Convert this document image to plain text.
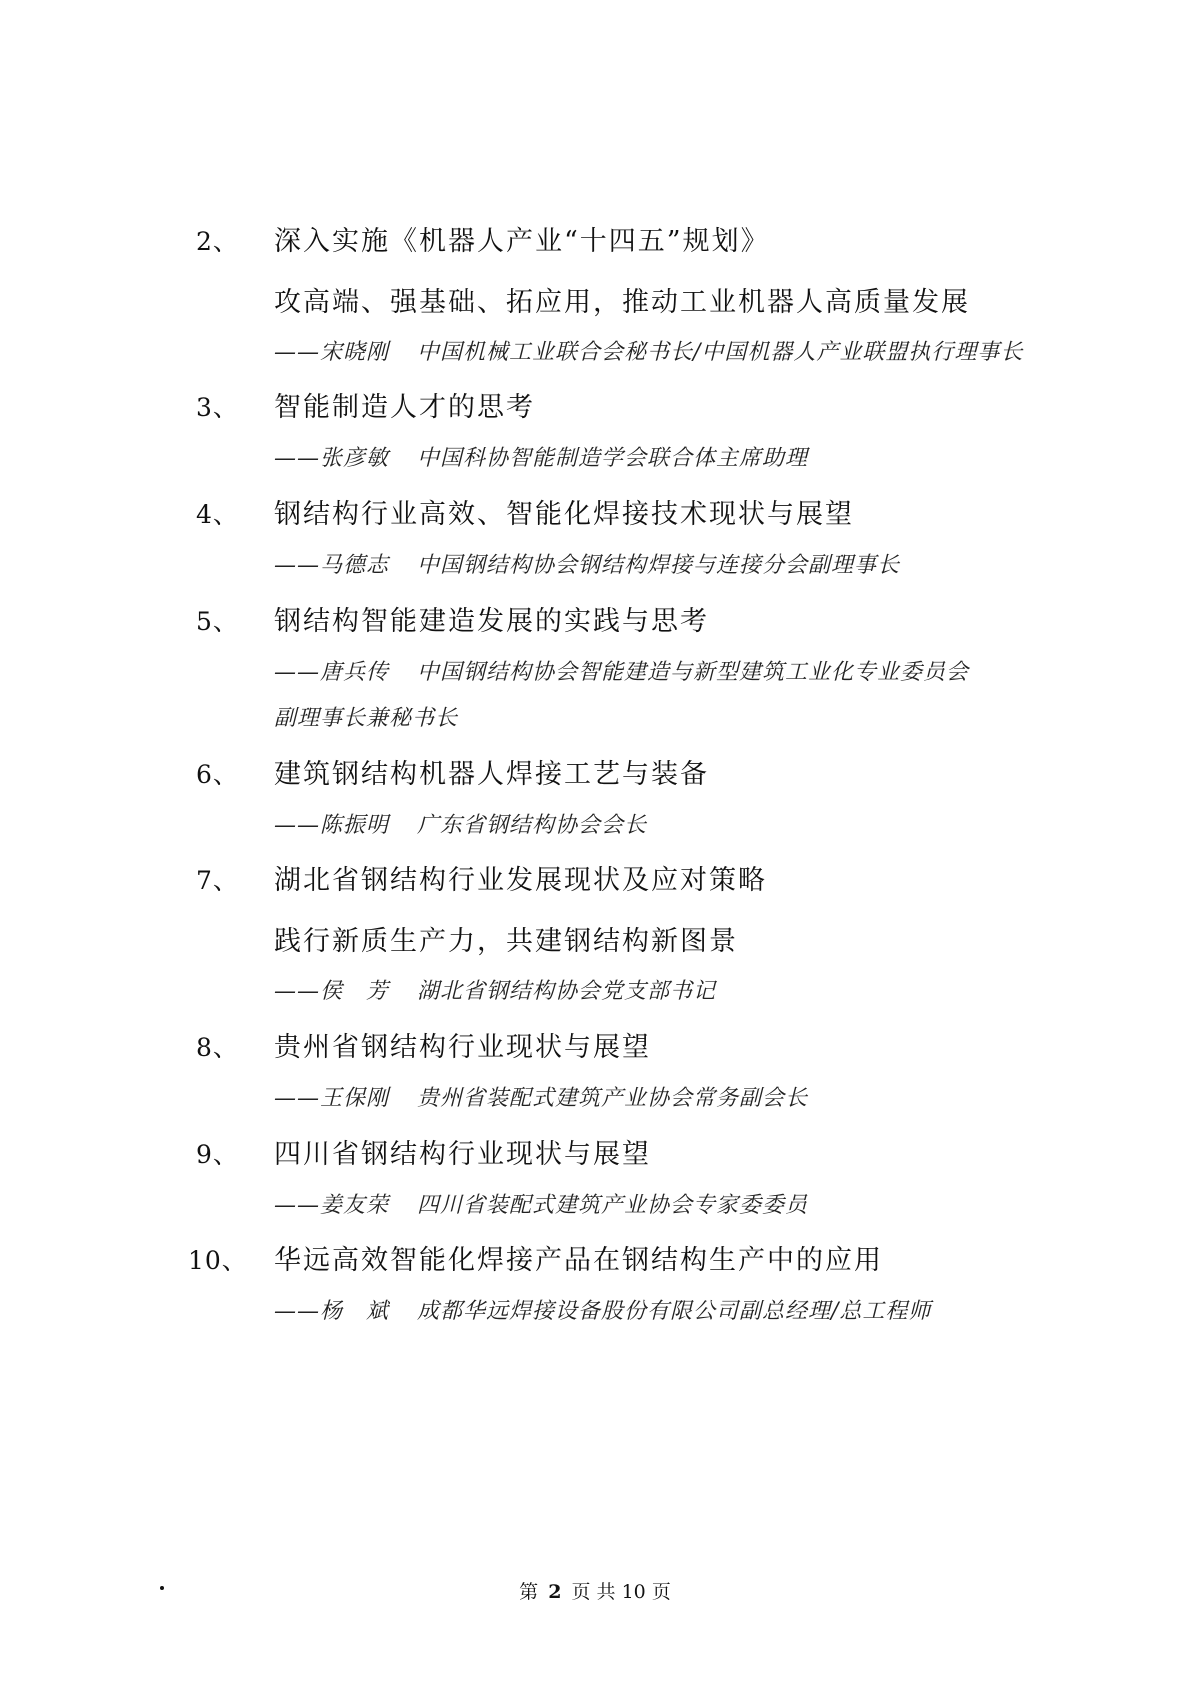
2、 深入实施《机器人产业“十四五”规划》
攻高端、强基础、拓应用，推动工业机器人高质量发展
——宋晓刚 中国机械工业联合会秘书长/中国机器人产业联盟执行理事长
3、 智能制造人才的思考
——张彦敏 中国科协智能制造学会联合体主席助理
4、 钢结构行业高效、智能化焊接技术现状与展望
——马德志 中国钢结构协会钢结构焊接与连接分会副理事长
5、 钢结构智能建造发展的实践与思考
——唐兵传 中国钢结构协会智能建造与新型建筑工业化专业委员会
副理事长兼秘书长
6、 建筑钢结构机器人焊接工艺与装备
——陈振明 广东省钢结构协会会长
7、 湖北省钢结构行业发展现状及应对策略
践行新质生产力，共建钢结构新图景
——侯　芳 湖北省钢结构协会党支部书记
8、 贵州省钢结构行业现状与展望
——王保刚 贵州省装配式建筑产业协会常务副会长
9、 四川省钢结构行业现状与展望
——姜友荣 四川省装配式建筑产业协会专家委委员
10、 华远高效智能化焊接产品在钢结构生产中的应用
——杨　斌 成都华远焊接设备股份有限公司副总经理/总工程师
第 2 页 共 10 页
